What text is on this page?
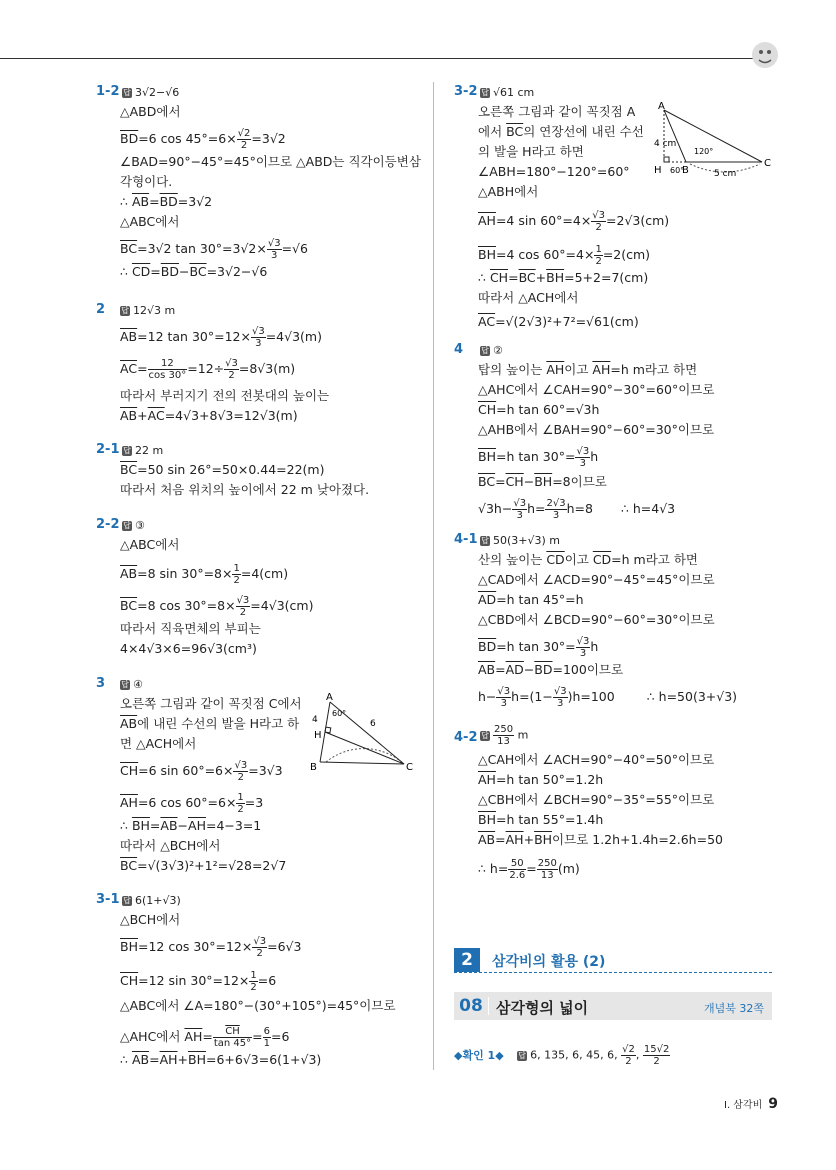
1-2 답 3√2−√6
△ABD에서
$\overline{BD}=6$ $\cos 45^\circ=6\times \frac{√2}{2} =3√2$
∠BAD=90°−45°=45°이므로 △ABD는 직각이등변삼
각형이다.
∴ $\overline{AB}=\overline{BD}=3√2$
△ABC에서
$\overline{BC}=3√2$ $\tan 30^\circ=3√2\times \frac{√3}{3} =√6$
∴ $\overline{CD}=\overline{BD}-\overline{BC}=3√2-√6$
2 답 12√3 m
$\overline{AB}=12$ $\tan 30^\circ=12\times \frac{√3}{3} =4√3(m)$
$\overline{AC}= \frac{12}{\cos 30^\circ} =12\div \frac{√3}{2} =8√3(m)$
따라서 부러지기 전의 전봇대의 높이는
$\overline{AB}+\overline{AC}=4√3+8√3=12√3(m)$
2-1 답 22 m
$\overline{BC}=50$ sin 26°=50×0.44=22(m)
따라서 처음 위치의 높이에서 22 m 낮아졌다.
2-2 답 ③
△ABC에서
$\overline{AB}=8$ $\sin 30^\circ=8\times \frac{1}{2} =4(cm)$
$\overline{BC}=8$ $\cos 30^\circ=8\times \frac{√3}{2} =4√3(cm)$
따라서 직육면체의 부피는
4×4√3×6=96√3(cm³)
3 답 ④
오른쪽 그림과 같이 꼭짓점 C에서
$\overline{AB}$에 내린 수선의 발을 H라고 하
면 △ACH에서
$\overline{CH}=6$ $\sin 60^\circ=6\times \frac{√3}{2} =3√3$
$\overline{AH}=6$ $\cos 60^\circ=6\times \frac{1}{2} =3$
∴ $\overline{BH}=\overline{AB}-\overline{AH}=4-3=1$
따라서 △BCH에서
$\overline{BC}=√(3√3)^2+1^2=√28=2√7$
A
B	C
H
4	6
60°
3-1 답 6(1+√3)
△BCH에서
$\overline{BH}=12$ $\cos 30^\circ=12\times \frac{√3}{2} =6√3$
$\overline{CH}=12$ $\sin 30^\circ=12\times \frac{1}{2} =6$
△ABC에서 ∠A=180°−(30°+105°)=45°이므로
△AHC에서 $\overline{AH}= \frac{\overline{CH}}{\tan 45^\circ} = \frac{6}{1} =6$
∴ $\overline{AB}=\overline{AH}+\overline{BH}=6+6√3=6(1+√3)$
3-2 답 √61 cm
오른쪽 그림과 같이 꼭짓점 A
에서 $\overline{BC}$의 연장선에 내린 수선
의 발을 H라고 하면
∠ABH=180°−120°=60°
△ABH에서
$\overline{AH}=4$ $\sin 60^\circ=4\times \frac{√3}{2} =2√3(cm)$
$\overline{BH}=4$ $\cos 60^\circ=4\times \frac{1}{2} =2(cm)$
∴ $\overline{CH}=\overline{BC}+\overline{BH}=5+2=7(cm)$
따라서 △ACH에서
$\overline{AC}=√(2√3)^2+7^2=√61(cm)$
A
H B
C
4 cm
5 cm
120°
60°
4 답 ②
탑의 높이는 $\overline{AH}$이고 $\overline{AH}=h$ m라고 하면
△AHC에서 ∠CAH=90°−30°=60°이므로
$\overline{CH}=h$ tan 60°=√3h
△AHB에서 ∠BAH=90°−60°=30°이므로
$\overline{BH}=h$ $\tan 30^\circ= \frac{√3}{3}$ h
$\overline{BC}=\overline{CH}-\overline{BH}=8$이므로
$√3h- \frac{√3}{3} h= \frac{2√3}{3} h=8$ ∴ h=4√3
4-1 답 50(3+√3) m
산의 높이는 $\overline{CD}$이고 $\overline{CD}=h$ m라고 하면
△CAD에서 ∠ACD=90°−45°=45°이므로
$\overline{AD}=h$ tan 45°=h
△CBD에서 ∠BCD=90°−60°=30°이므로
$\overline{BD}=h$ $\tan 30^\circ= \frac{√3}{3}$ h
$\overline{AB}=\overline{AD}-\overline{BD}=100$이므로
$h- \frac{√3}{3} h=(1- \frac{√3}{3} )h=100$	∴ h=50(3+√3)
4-2 답 $\frac{250}{13}$ m
△CAH에서 ∠ACH=90°−40°=50°이므로
$\overline{AH}=h$ tan 50°=1.2h
△CBH에서 ∠BCH=90°−35°=55°이므로
$\overline{BH}=h$ tan 55°=1.4h
$\overline{AB}=\overline{AH}+\overline{BH}$이므로 1.2h+1.4h=2.6h=50
∴ $h= \frac{50}{2.6} = \frac{250}{13} (m)$
2	삼각비의 활용 (2)
08 삼각형의 넓이	개념북 32쪽
◆확인 1◆ 답 6, 135, 6, 45, 6, $\frac{√2}{2}$ , $\frac{15√2}{2}$
Ⅰ. 삼각비 9
